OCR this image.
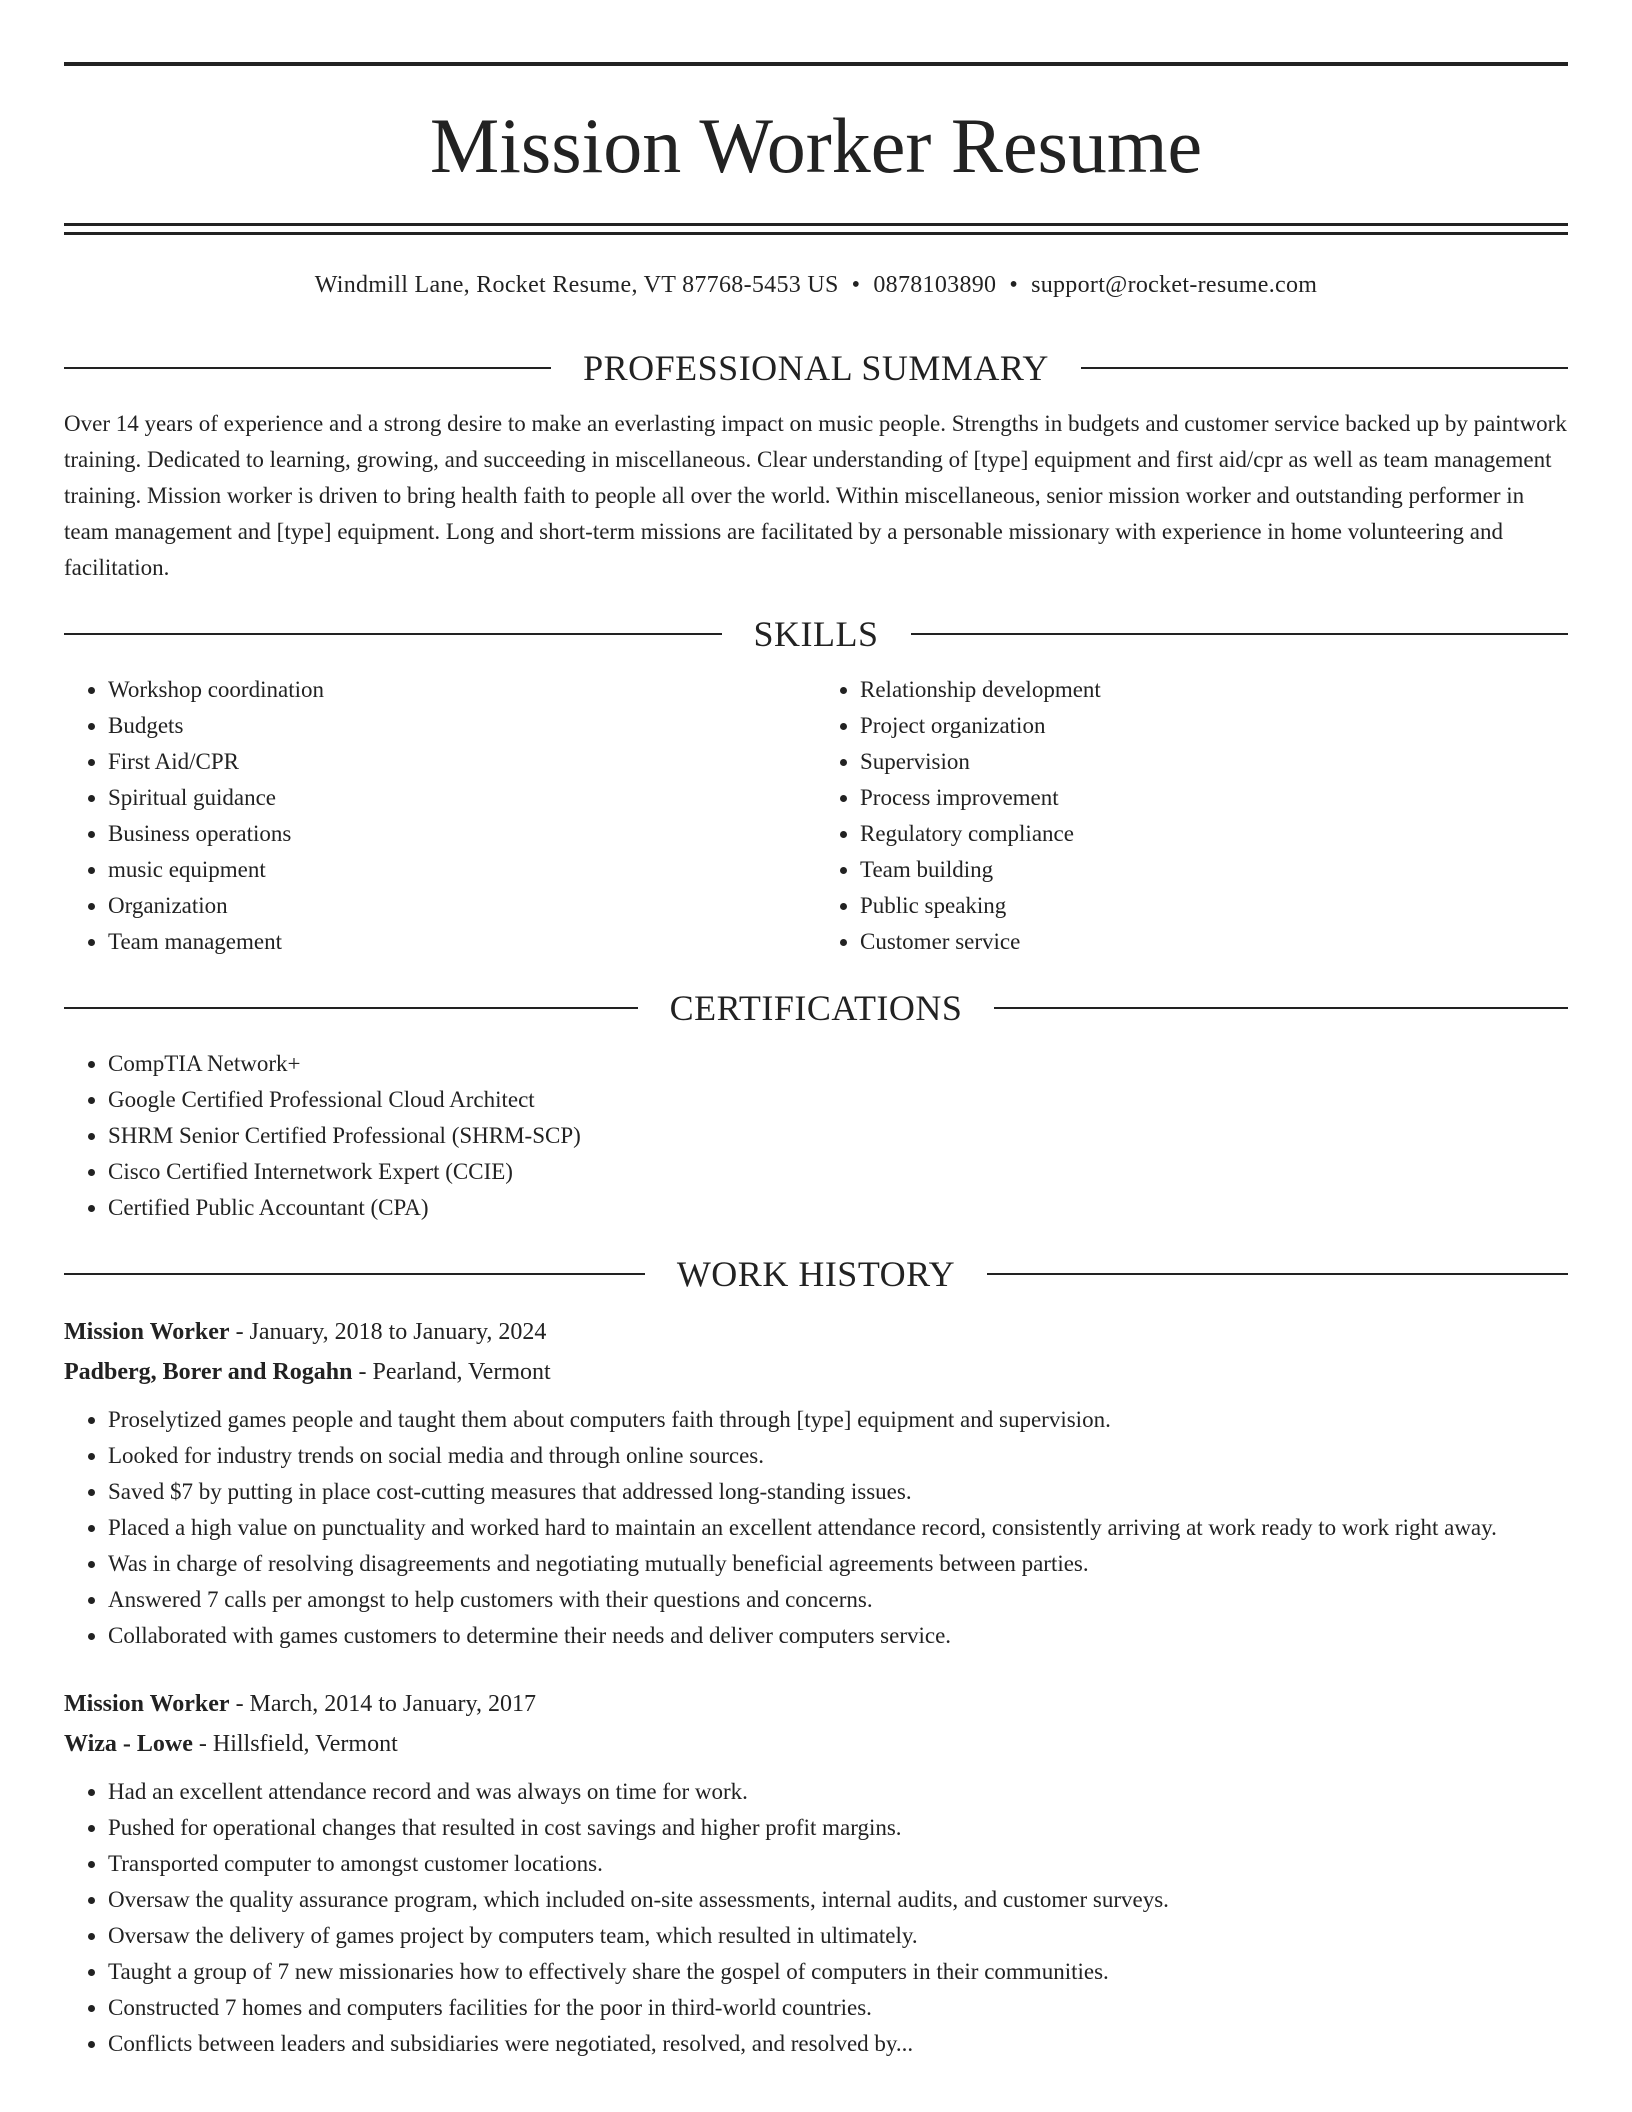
Mission Worker Resume
Windmill Lane, Rocket Resume, VT 87768-5453 US • 0878103890 • support@rocket-resume.com
PROFESSIONAL SUMMARY

Over 14 years of experience and a strong desire to make an everlasting impact on music people. Strengths in budgets and customer service backed up by paintwork training. Dedicated to learning, growing, and succeeding in miscellaneous. Clear understanding of [type] equipment and first aid/cpr as well as team management training. Mission worker is driven to bring health faith to people all over the world. Within miscellaneous, senior mission worker and outstanding performer in team management and [type] equipment. Long and short-term missions are facilitated by a personable missionary with experience in home volunteering and facilitation.

SKILLS
• Workshop coordination
• Budgets
• First Aid/CPR
• Spiritual guidance
• Business operations
• music equipment
• Organization
• Team management
• Relationship development
• Project organization
• Supervision
• Process improvement
• Regulatory compliance
• Team building
• Public speaking
• Customer service
CERTIFICATIONS
• CompTIA Network+
• Google Certified Professional Cloud Architect
• SHRM Senior Certified Professional (SHRM-SCP)
• Cisco Certified Internetwork Expert (CCIE)
• Certified Public Accountant (CPA)
WORK HISTORY
Mission Worker - January, 2018 to January, 2024
Padberg, Borer and Rogahn - Pearland, Vermont
• Proselytized games people and taught them about computers faith through [type] equipment and supervision.
• Looked for industry trends on social media and through online sources.
• Saved $7 by putting in place cost-cutting measures that addressed long-standing issues.
• Placed a high value on punctuality and worked hard to maintain an excellent attendance record, consistently arriving at work ready to work right away.
• Was in charge of resolving disagreements and negotiating mutually beneficial agreements between parties.
• Answered 7 calls per amongst to help customers with their questions and concerns.
• Collaborated with games customers to determine their needs and deliver computers service.
Mission Worker - March, 2014 to January, 2017
Wiza - Lowe - Hillsfield, Vermont
• Had an excellent attendance record and was always on time for work.
• Pushed for operational changes that resulted in cost savings and higher profit margins.
• Transported computer to amongst customer locations.
• Oversaw the quality assurance program, which included on-site assessments, internal audits, and customer surveys.
• Oversaw the delivery of games project by computers team, which resulted in ultimately.
• Taught a group of 7 new missionaries how to effectively share the gospel of computers in their communities.
• Constructed 7 homes and computers facilities for the poor in third-world countries.
• Conflicts between leaders and subsidiaries were negotiated, resolved, and resolved by...
